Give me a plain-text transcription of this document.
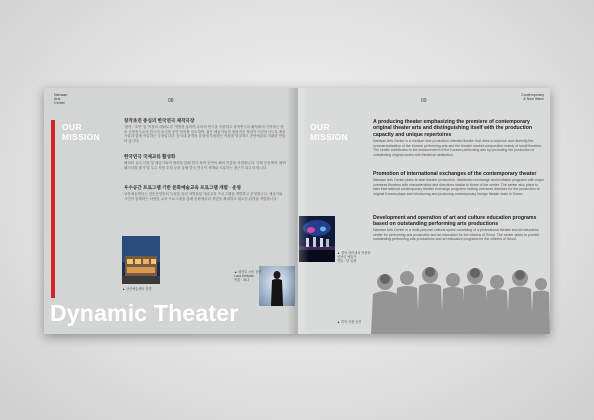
Namsan
Arts
Center	08
OUR
MISSION
창작초연 중심의 한국연극 제작극장
'창작', '초연' 및 '작품의 레퍼토리' 개발을 통하여 우리의 연극을 지원하고 창작연극의 활성화에 기여하는 중소 공연장으로서 한국의 소극장 공연 문화를 선도하며, 젊은 예술가들의 창의적인 작업이 이루어지도록 예술가들과 함께 작업하는 극장입니다. 동시대 관객의 감성에 부합하는 작품을 발굴하고 공연예술의 미래를 만들어 갑니다.
한국연극 국제교류 활성화
해외의 유수 극장 및 예술가와의 협력을 통해 한국 창작 공연의 해외 진출을 지원합니다. 국제 공동제작, 해외 페스티벌 참가 및 우수 작품 초청 등을 통해 한국 연극이 세계와 소통하는 창구가 되고자 합니다.
우수공간 프로그램 기반 문화예술교육 프로그램 개발 · 운영
남산예술센터는 전문공연장의 특성을 살린 차별화된 예술교육 프로그램을 개발하고 운영합니다. 예술가와 시민이 함께하는 다양한 교육 프로그램을 통해 문화예술의 저변을 확대하고 새로운 관객을 개발합니다.
▲ 남산예술센터 전경
▲ 대학로 시민 공연
Luna Delicate
연출 · 최나
Dynamic Theater
09
Contemporary
& New Wave
OUR
MISSION
A producing theater emphasizing the premiere of contemporary original theater arts and distinguishing itself with the production capacity and unique repertoires
Namsan Arts Center is a medium size production oriented theater that aims to improve and diversify the commercialization of the Korean performing arts and the theater market composition mainly of small theaters. The center contributes to the advancement of the Korean performing arts by promoting the production of outstanding original works with theatrical aesthetics.
Promotion of international exchanges of the contemporary theater
Namsan Arts Center plans to start theater production, distribution exchange and invitation programs with major overseas theaters with characteristics and directions similar to those of the center. The center also plans to start international contemporary theater exchange programs inviting overseas directors for the production of original Korean plays and introducing and producing contemporary foreign theater texts in Korea.
Development and operation of art and culture education programs based on outstanding performing arts productions
Namsan Arts Center is a multi-purpose cultural space consisting of a professional theater and art education center for performing arts production and art education for the citizens of Seoul. The center plans to provide outstanding performing arts productions and art education programs for the citizens of Seoul.
▲ 결의 자리에서 작품을
선보인 예술가
연출 · 한 임재
▲ 지역 작품 공연
